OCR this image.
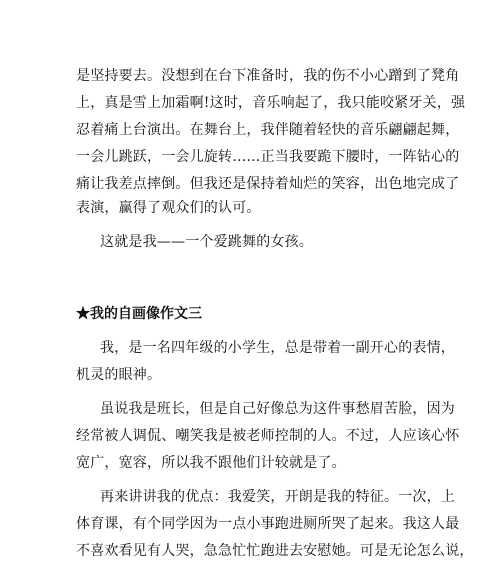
是坚持要去。没想到在台下准备时，我的伤不小心蹭到了凳角
上，真是雪上加霜啊!这时，音乐响起了，我只能咬紧牙关，强
忍着痛上台演出。在舞台上，我伴随着轻快的音乐翩翩起舞，
一会儿跳跃，一会儿旋转……正当我要跪下腰时，一阵钻心的
痛让我差点摔倒。但我还是保持着灿烂的笑容，出色地完成了
表演，赢得了观众们的认可。
这就是我——一个爱跳舞的女孩。
★我的自画像作文三
我，是一名四年级的小学生，总是带着一副开心的表情，
机灵的眼神。
虽说我是班长，但是自己好像总为这件事愁眉苦脸，因为
经常被人调侃、嘲笑我是被老师控制的人。不过，人应该心怀
宽广，宽容，所以我不跟他们计较就是了。
再来讲讲我的优点：我爱笑，开朗是我的特征。一次，上
体育课，有个同学因为一点小事跑进厕所哭了起来。我这人最
不喜欢看见有人哭，急急忙忙跑进去安慰她。可是无论怎么说，
